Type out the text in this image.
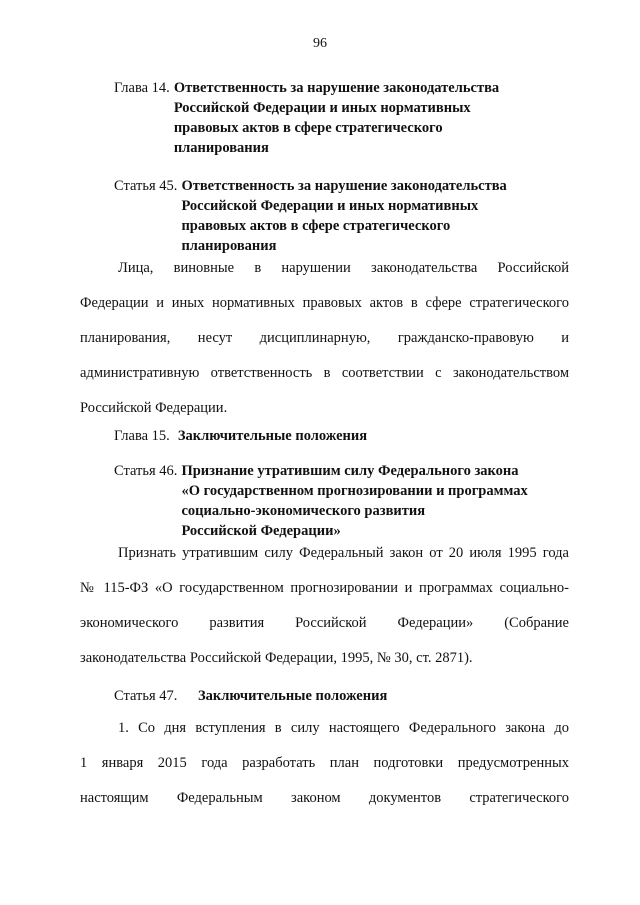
96
Глава 14. Ответственность за нарушение законодательства
Российской Федерации и иных нормативных
правовых актов в сфере стратегического
планирования
Статья 45. Ответственность за нарушение законодательства
Российской Федерации и иных нормативных
правовых актов в сфере стратегического
планирования
Лица, виновные в нарушении законодательства Российской
Федерации и иных нормативных правовых актов в сфере стратегического
планирования, несут дисциплинарную, гражданско-правовую и
административную ответственность в соответствии с законодательством
Российской Федерации.
Глава 15. Заключительные положения
Статья 46. Признание утратившим силу Федерального закона
«О государственном прогнозировании и программах
социально-экономического развития
Российской Федерации»
Признать утратившим силу Федеральный закон от 20 июля 1995 года
№ 115-ФЗ «О государственном прогнозировании и программах социально-
экономического развития Российской Федерации» (Собрание
законодательства Российской Федерации, 1995, № 30, ст. 2871).
Статья 47.	Заключительные положения
1. Со дня вступления в силу настоящего Федерального закона до
1 января 2015 года разработать план подготовки предусмотренных
настоящим Федеральным законом документов стратегического
